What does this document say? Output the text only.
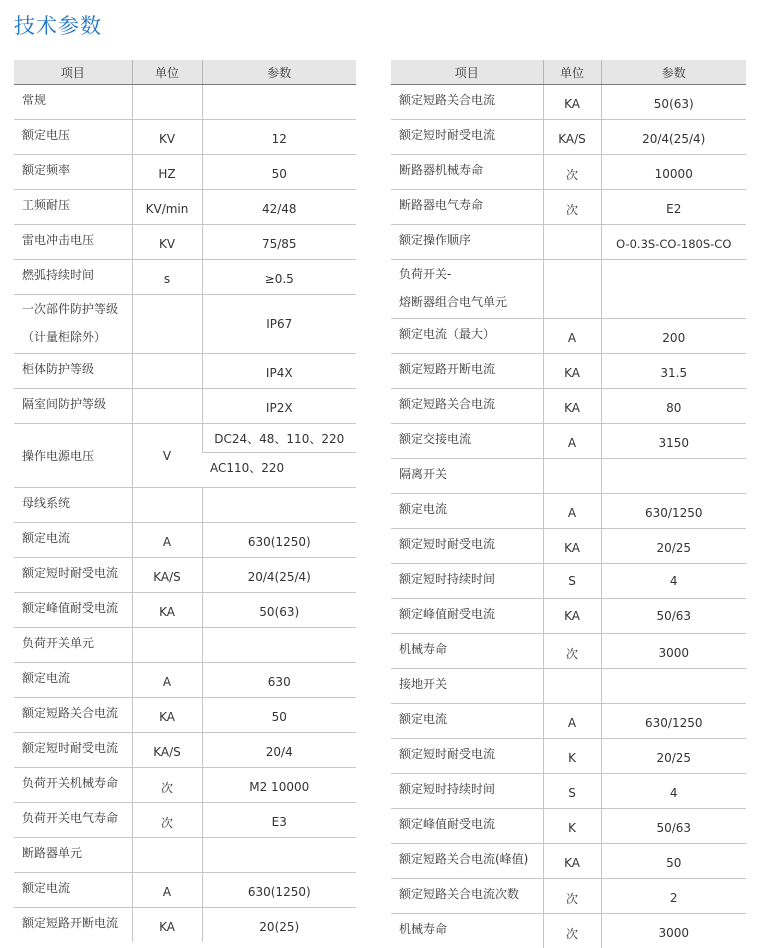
技术参数
项目	单位	参数
常规		
额定电压	KV	12
额定频率	HZ	50
工频耐压	KV/min	42/48
雷电冲击电压	KV	75/85
燃弧持续时间	s	≥0.5

一次部件防护等级
（计量柜除外）		IP67
柜体防护等级		IP4X
隔室间防护等级		IP2X
操作电源电压	V	DC24、48、110、220
		AC110、220
母线系统		
额定电流	A	630(1250)
额定短时耐受电流	KA/S	20/4(25/4)
额定峰值耐受电流	KA	50(63)
负荷开关单元		
额定电流	A	630
额定短路关合电流	KA	50
额定短时耐受电流	KA/S	20/4
负荷开关机械寿命	次	M2 10000
负荷开关电气寿命	次	E3
断路器单元		
额定电流	A	630(1250)
额定短路开断电流	KA	20(25)
项目	单位	参数
额定短路关合电流	KA	50(63)
额定短时耐受电流	KA/S	20/4(25/4)
断路器机械寿命	次	10000
断路器电气寿命	次	E2
额定操作顺序		O-0.3S-CO-180S-CO

负荷开关-
熔断器组合电气单元		

额定电流（最大）	A	200
额定短路开断电流	KA	31.5
额定短路关合电流	KA	80
额定交接电流	A	3150
隔离开关		
额定电流	A	630/1250
额定短时耐受电流	KA	20/25
额定短时持续时间	S	4
额定峰值耐受电流	KA	50/63
机械寿命	次	3000
接地开关		
额定电流	A	630/1250
额定短时耐受电流	K	20/25
额定短时持续时间	S	4
额定峰值耐受电流	K	50/63
额定短路关合电流(峰值)	KA	50
额定短路关合电流次数	次	2
机械寿命	次	3000
